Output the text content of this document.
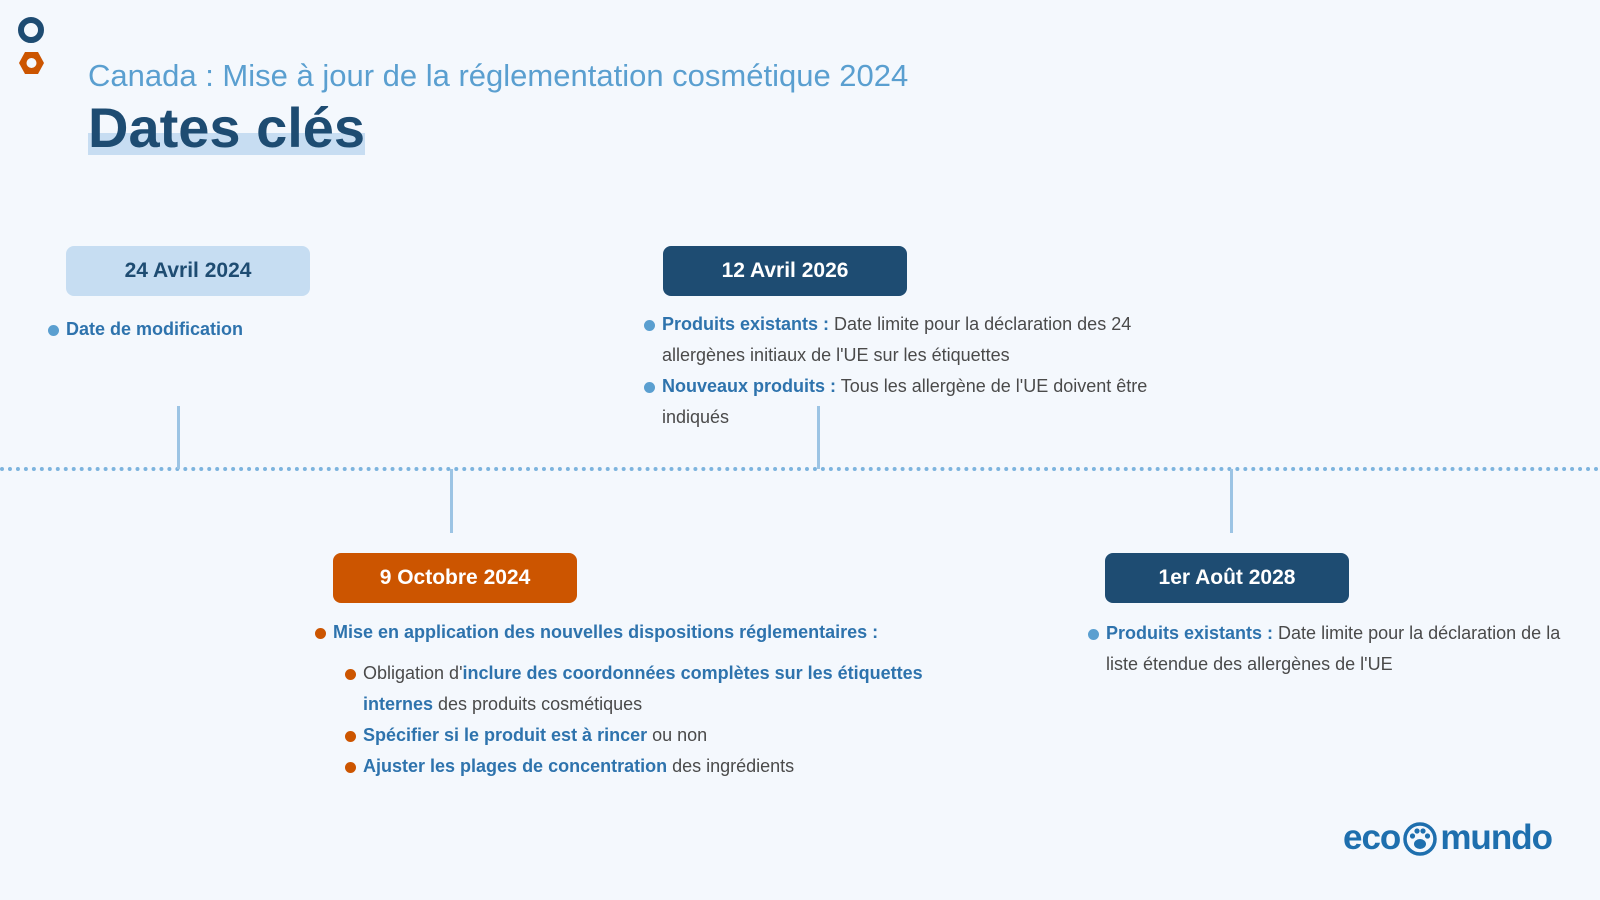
Canada : Mise à jour de la réglementation cosmétique 2024
Dates clés
24 Avril 2024
Date de modification
12 Avril 2026
Produits existants : Date limite pour la déclaration des 24 allergènes initiaux de l'UE sur les étiquettes
Nouveaux produits : Tous les allergène de l'UE doivent être indiqués
9 Octobre 2024
Mise en application des nouvelles dispositions réglementaires :
Obligation d'inclure des coordonnées complètes sur les étiquettes internes des produits cosmétiques
Spécifier si le produit est à rincer ou non
Ajuster les plages de concentration des ingrédients
1er Août 2028
Produits existants : Date limite pour la déclaration de la liste étendue des allergènes de l'UE
eco mundo
